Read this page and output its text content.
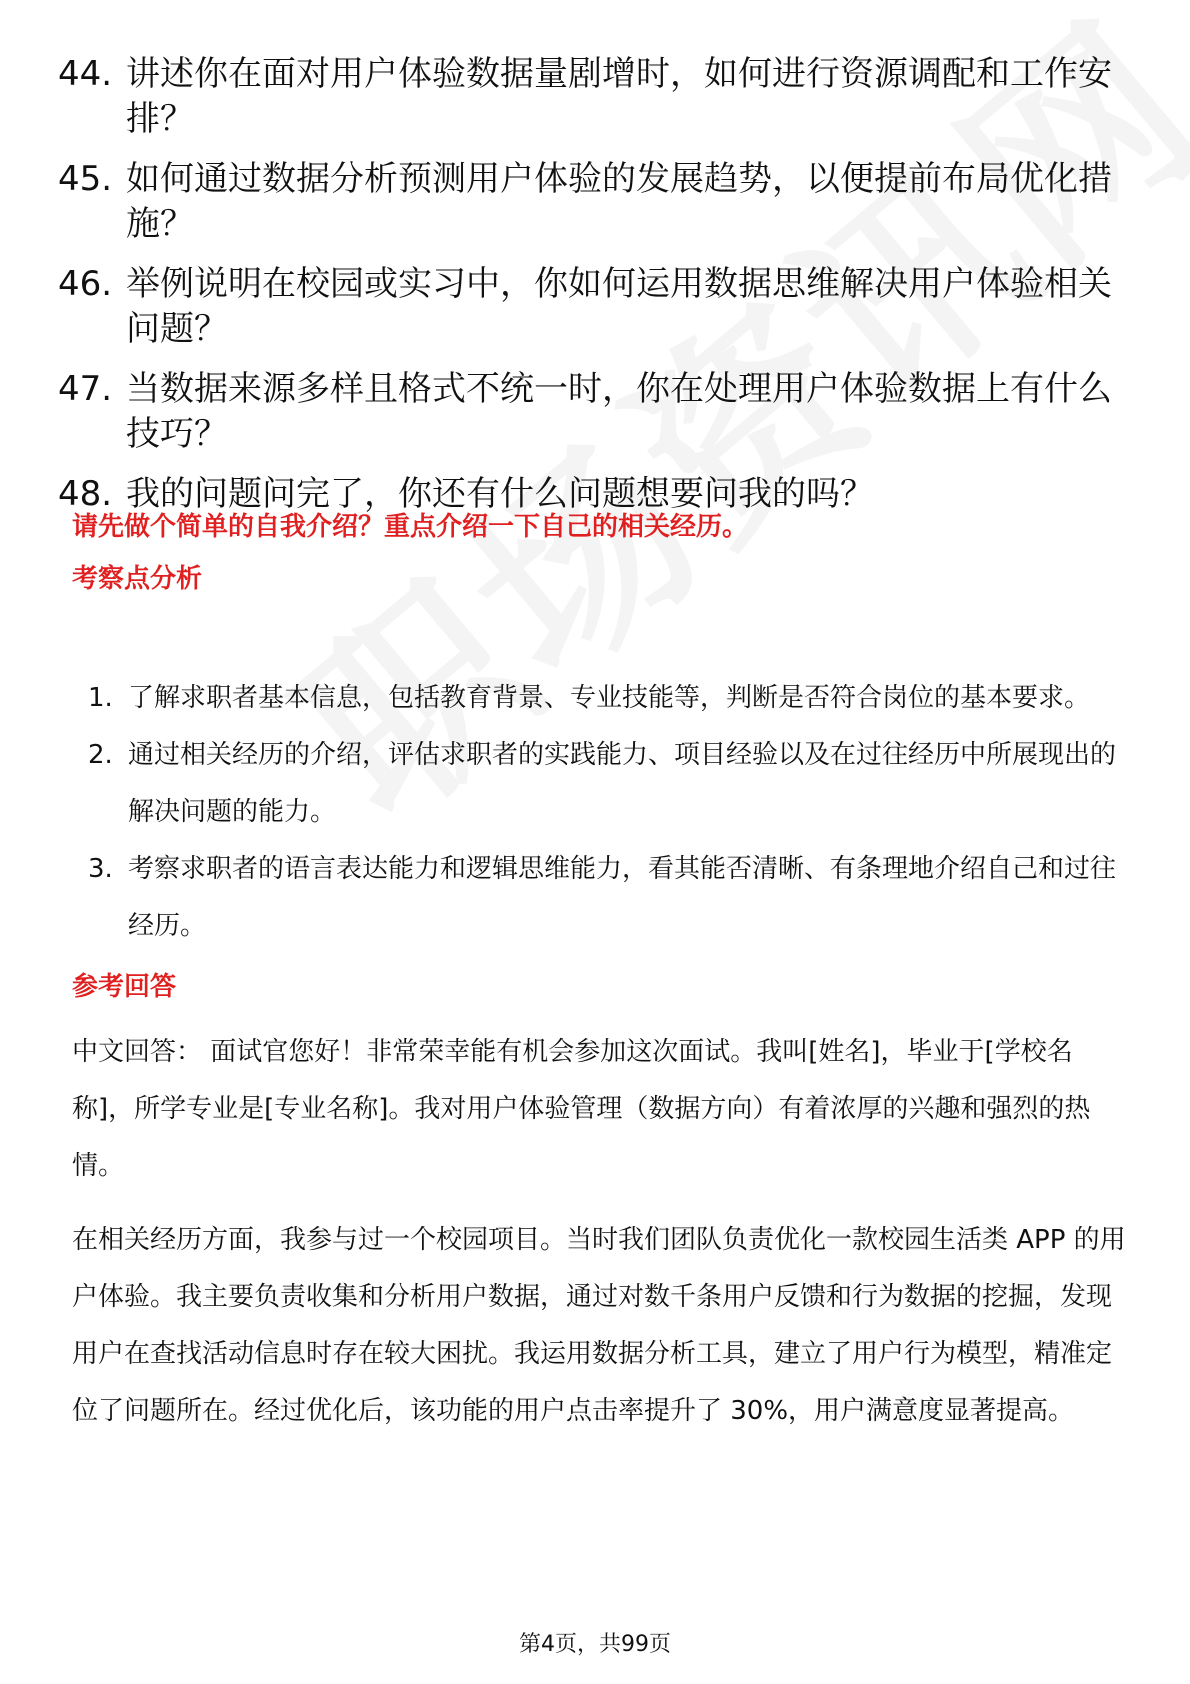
44. 讲述你在面对用户体验数据量剧增时，如何进行资源调配和工作安排？
45. 如何通过数据分析预测用户体验的发展趋势，以便提前布局优化措施？
46. 举例说明在校园或实习中，你如何运用数据思维解决用户体验相关问题？
47. 当数据来源多样且格式不统一时，你在处理用户体验数据上有什么技巧？
48. 我的问题问完了，你还有什么问题想要问我的吗？
请先做个简单的自我介绍？重点介绍一下自己的相关经历。
考察点分析
1. 了解求职者基本信息，包括教育背景、专业技能等，判断是否符合岗位的基本要求。
2. 通过相关经历的介绍，评估求职者的实践能力、项目经验以及在过往经历中所展现出的解决问题的能力。
3. 考察求职者的语言表达能力和逻辑思维能力，看其能否清晰、有条理地介绍自己和过往经历。
参考回答

中文回答： 面试官您好！非常荣幸能有机会参加这次面试。我叫[姓名]，毕业于[学校名称]，所学专业是[专业名称]。我对用户体验管理（数据方向）有着浓厚的兴趣和强烈的热情。

在相关经历方面，我参与过一个校园项目。当时我们团队负责优化一款校园生活类 APP 的用户体验。我主要负责收集和分析用户数据，通过对数千条用户反馈和行为数据的挖掘，发现用户在查找活动信息时存在较大困扰。我运用数据分析工具，建立了用户行为模型，精准定位了问题所在。经过优化后，该功能的用户点击率提升了 30%，用户满意度显著提高。

第4页，共99页
